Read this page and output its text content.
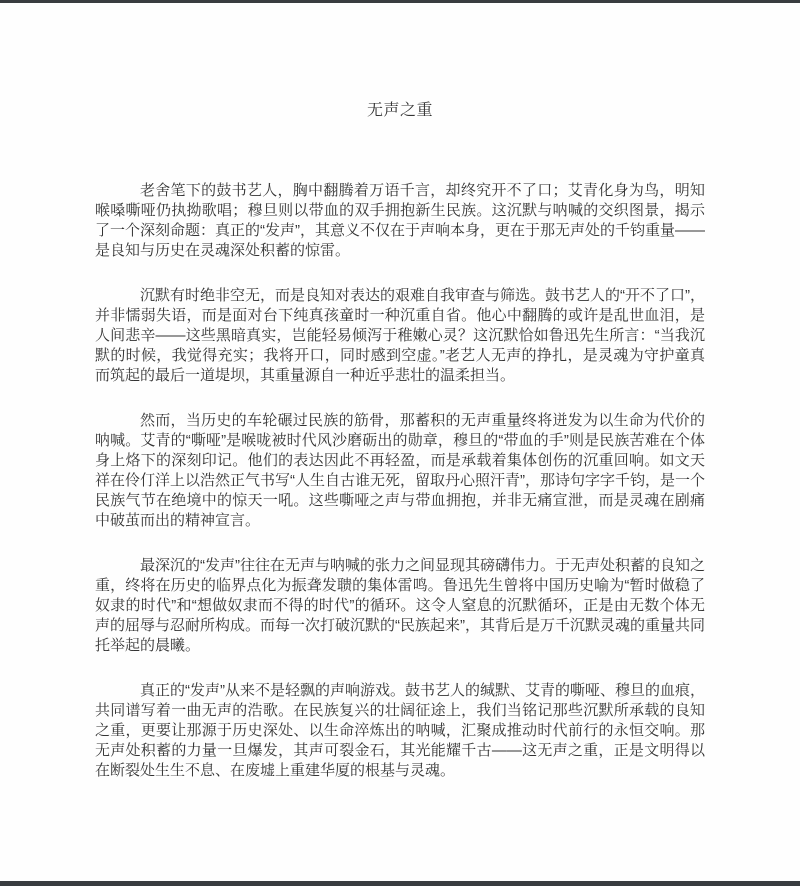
无声之重

老舍笔下的鼓书艺人，胸中翻腾着万语千言，却终究开不了口；艾青化身为鸟，明知喉嗓嘶哑仍执拗歌唱；穆旦则以带血的双手拥抱新生民族。这沉默与呐喊的交织图景，揭示了一个深刻命题：真正的“发声”，其意义不仅在于声响本身，更在于那无声处的千钧重量——是良知与历史在灵魂深处积蓄的惊雷。

沉默有时绝非空无，而是良知对表达的艰难自我审查与筛选。鼓书艺人的“开不了口”，并非懦弱失语，而是面对台下纯真孩童时一种沉重自省。他心中翻腾的或许是乱世血泪，是人间悲辛——这些黑暗真实，岂能轻易倾泻于稚嫩心灵？这沉默恰如鲁迅先生所言：“当我沉默的时候，我觉得充实；我将开口，同时感到空虚。”老艺人无声的挣扎，是灵魂为守护童真而筑起的最后一道堤坝，其重量源自一种近乎悲壮的温柔担当。

然而，当历史的车轮碾过民族的筋骨，那蓄积的无声重量终将迸发为以生命为代价的呐喊。艾青的“嘶哑”是喉咙被时代风沙磨砺出的勋章，穆旦的“带血的手”则是民族苦难在个体身上烙下的深刻印记。他们的表达因此不再轻盈，而是承载着集体创伤的沉重回响。如文天祥在伶仃洋上以浩然正气书写“人生自古谁无死，留取丹心照汗青”，那诗句字字千钧，是一个民族气节在绝境中的惊天一吼。这些嘶哑之声与带血拥抱，并非无痛宣泄，而是灵魂在剧痛中破茧而出的精神宣言。

最深沉的“发声”往往在无声与呐喊的张力之间显现其磅礴伟力。于无声处积蓄的良知之重，终将在历史的临界点化为振聋发聩的集体雷鸣。鲁迅先生曾将中国历史喻为“暂时做稳了奴隶的时代”和“想做奴隶而不得的时代”的循环。这令人窒息的沉默循环，正是由无数个体无声的屈辱与忍耐所构成。而每一次打破沉默的“民族起来”，其背后是万千沉默灵魂的重量共同托举起的晨曦。

真正的“发声”从来不是轻飘的声响游戏。鼓书艺人的缄默、艾青的嘶哑、穆旦的血痕，共同谱写着一曲无声的浩歌。在民族复兴的壮阔征途上，我们当铭记那些沉默所承载的良知之重，更要让那源于历史深处、以生命淬炼出的呐喊，汇聚成推动时代前行的永恒交响。那无声处积蓄的力量一旦爆发，其声可裂金石，其光能耀千古——这无声之重，正是文明得以在断裂处生生不息、在废墟上重建华厦的根基与灵魂。
